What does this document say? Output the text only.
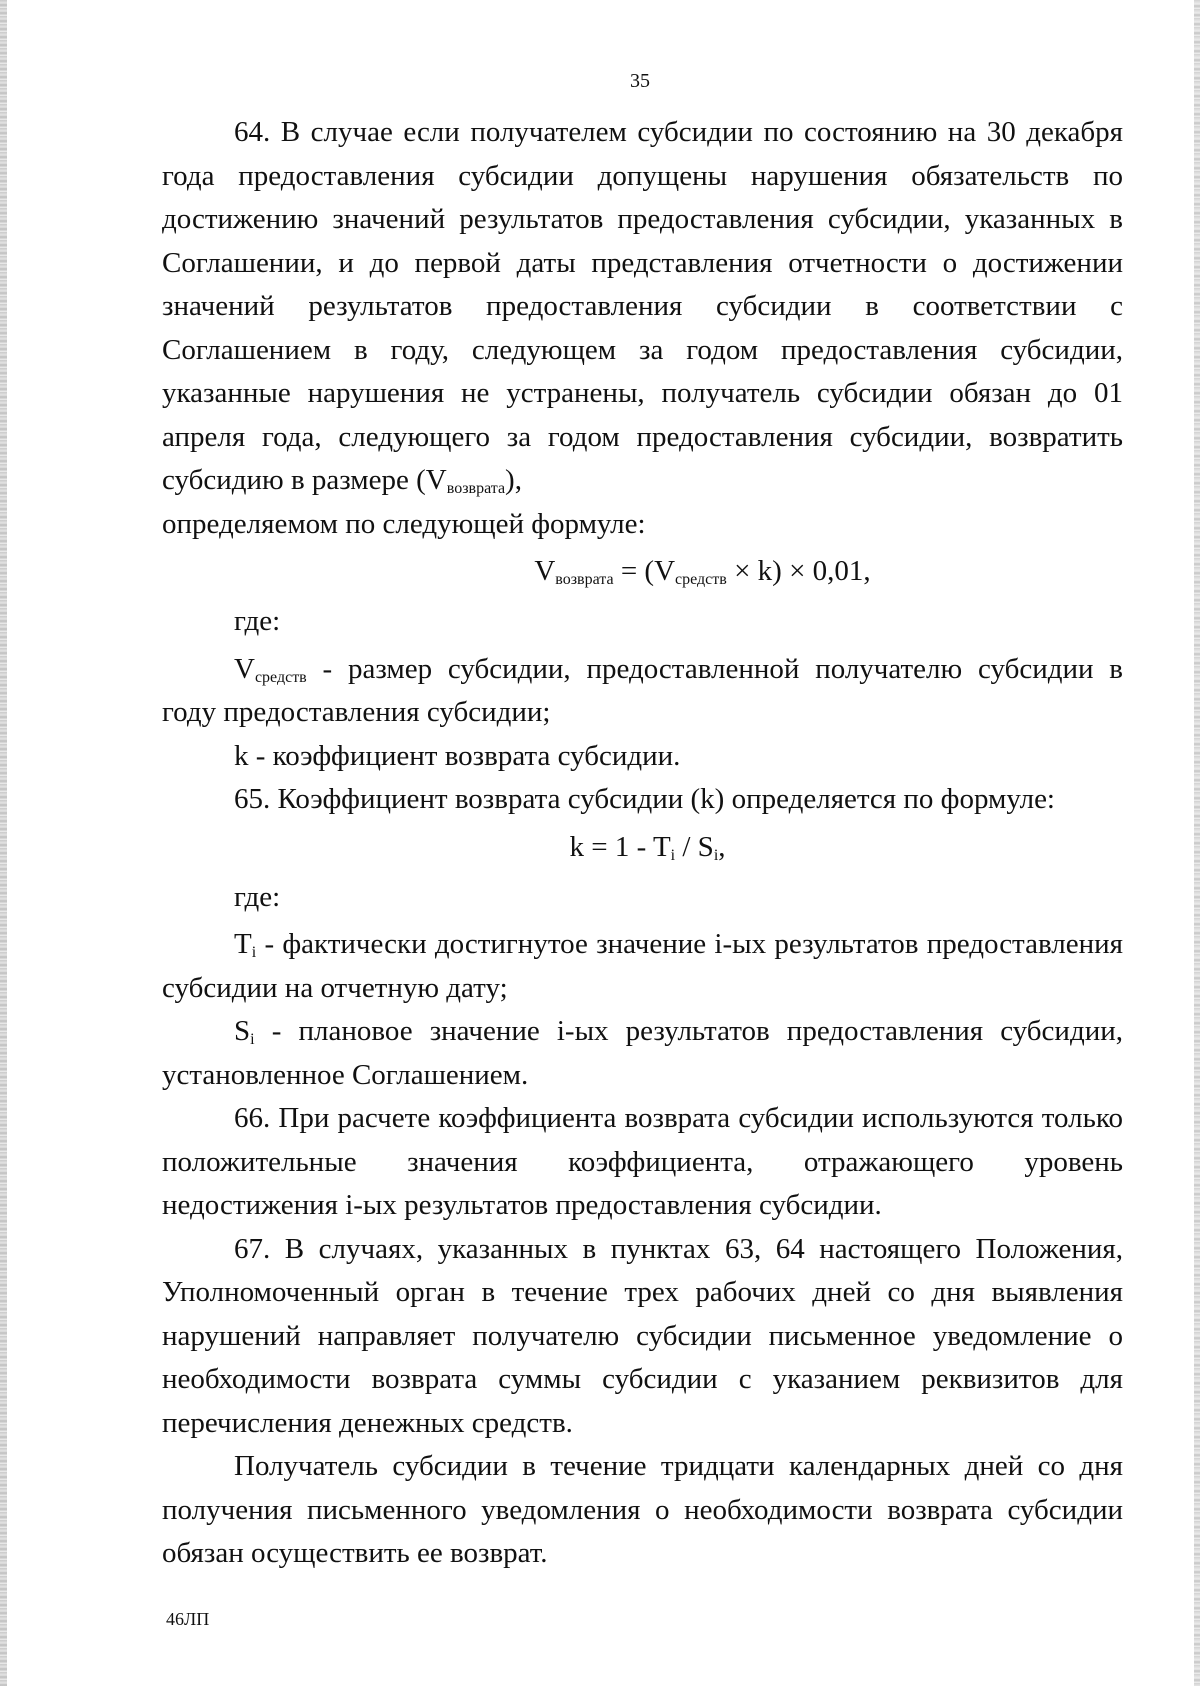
35

64. В случае если получателем субсидии по состоянию на 30 декабря года предоставления субсидии допущены нарушения обязательств по достижению значений результатов предоставления субсидии, указанных в Соглашении, и до первой даты представления отчетности о достижении значений результатов предоставления субсидии в соответствии с Соглашением в году, следующем за годом предоставления субсидии, указанные нарушения не устранены, получатель субсидии обязан до 01 апреля года, следующего за годом предоставления субсидии, возвратить субсидию в размере $(V_{возврата})$,

определяемом по следующей формуле:

$V_{возврата} = (V_{средств} \times k) \times 0,01$,

где:

$V_{средств}$ - размер субсидии, предоставленной получателю субсидии в году предоставления субсидии;

k - коэффициент возврата субсидии.

65. Коэффициент возврата субсидии (k) определяется по формуле:

$k = 1 - T_i / S_i$,

где:

$T_i$ - фактически достигнутое значение i-ых результатов предоставления субсидии на отчетную дату;

$S_i$ - плановое значение i-ых результатов предоставления субсидии, установленное Соглашением.

66. При расчете коэффициента возврата субсидии используются только положительные значения коэффициента, отражающего уровень недостижения i-ых результатов предоставления субсидии.

67. В случаях, указанных в пунктах 63, 64 настоящего Положения, Уполномоченный орган в течение трех рабочих дней со дня выявления нарушений направляет получателю субсидии письменное уведомление о необходимости возврата суммы субсидии с указанием реквизитов для перечисления денежных средств.

Получатель субсидии в течение тридцати календарных дней со дня получения письменного уведомления о необходимости возврата субсидии обязан осуществить ее возврат.

46ЛП
